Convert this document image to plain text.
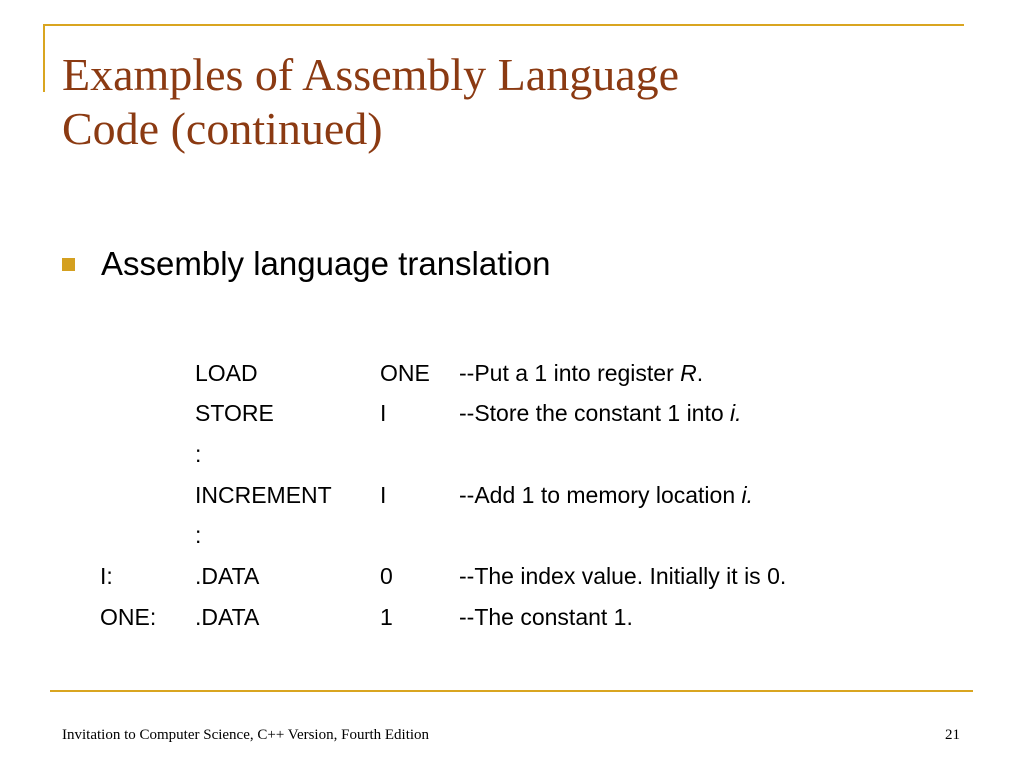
Examples of Assembly Language
Code (continued)
Assembly language translation
LOAD	ONE --Put a 1 into register R.
STORE	I	--Store the constant 1 into i.
:
INCREMENT I	--Add 1 to memory location i.
:
I:	.DATA	0	--The index value. Initially it is 0.
ONE: .DATA	1	--The constant 1.
Invitation to Computer Science, C++ Version, Fourth Edition	21
